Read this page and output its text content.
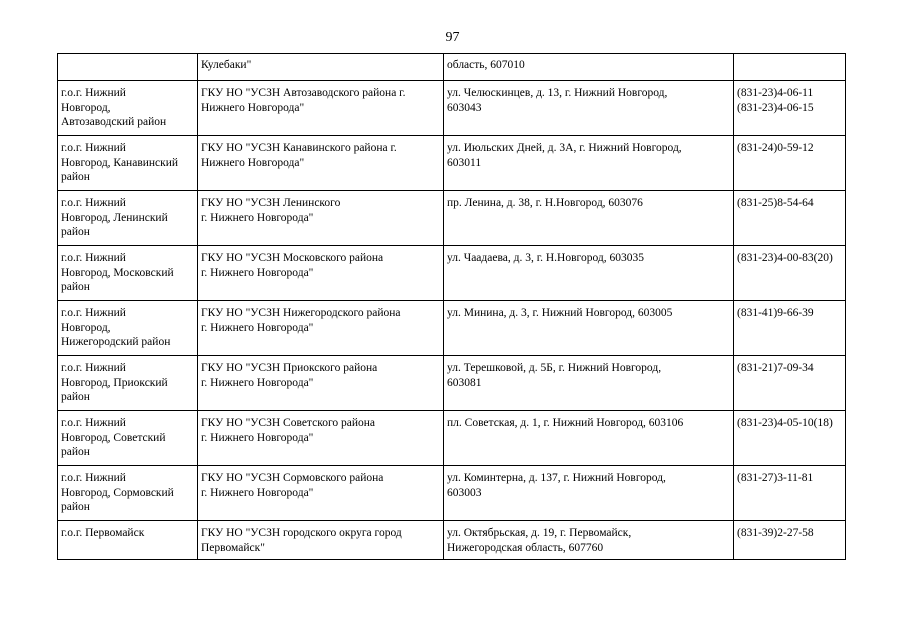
97

	Кулебаки"	область, 607010	

г.о.г. Нижний
Новгород,
Автозаводский район	ГКУ НО "УСЗН Автозаводского района г.
Нижнего Новгорода"	ул. Челюскинцев, д. 13, г. Нижний Новгород,
603043	(831-23)4-06-11
(831-23)4-06-15

г.о.г. Нижний
Новгород, Канавинский
район	ГКУ НО "УСЗН Канавинского района г.
Нижнего Новгорода"	ул. Июльских Дней, д. 3А, г. Нижний Новгород,
603011	(831-24)0-59-12

г.о.г. Нижний
Новгород, Ленинский
район	ГКУ НО "УСЗН Ленинского
г. Нижнего Новгорода"	пр. Ленина, д. 38, г. Н.Новгород, 603076	(831-25)8-54-64

г.о.г. Нижний
Новгород, Московский
район	ГКУ НО "УСЗН Московского района
г. Нижнего Новгорода"	ул. Чаадаева, д. 3, г. Н.Новгород, 603035	(831-23)4-00-83(20)

г.о.г. Нижний
Новгород,
Нижегородский район	ГКУ НО "УСЗН Нижегородского района
г. Нижнего Новгорода"	ул. Минина, д. 3, г. Нижний Новгород, 603005	(831-41)9-66-39

г.о.г. Нижний
Новгород, Приокский
район	ГКУ НО "УСЗН Приокского района
г. Нижнего Новгорода"	ул. Терешковой, д. 5Б, г. Нижний Новгород,
603081	(831-21)7-09-34

г.о.г. Нижний
Новгород, Советский
район	ГКУ НО "УСЗН Советского района
г. Нижнего Новгорода"	пл. Советская, д. 1, г. Нижний Новгород, 603106	(831-23)4-05-10(18)

г.о.г. Нижний
Новгород, Сормовский
район	ГКУ НО "УСЗН Сормовского района
г. Нижнего Новгорода"	ул. Коминтерна, д. 137, г. Нижний Новгород,
603003	(831-27)3-11-81

г.о.г. Первомайск	ГКУ НО "УСЗН городского округа город
Первомайск"	ул. Октябрьская, д. 19, г. Первомайск,
Нижегородская область, 607760	(831-39)2-27-58
